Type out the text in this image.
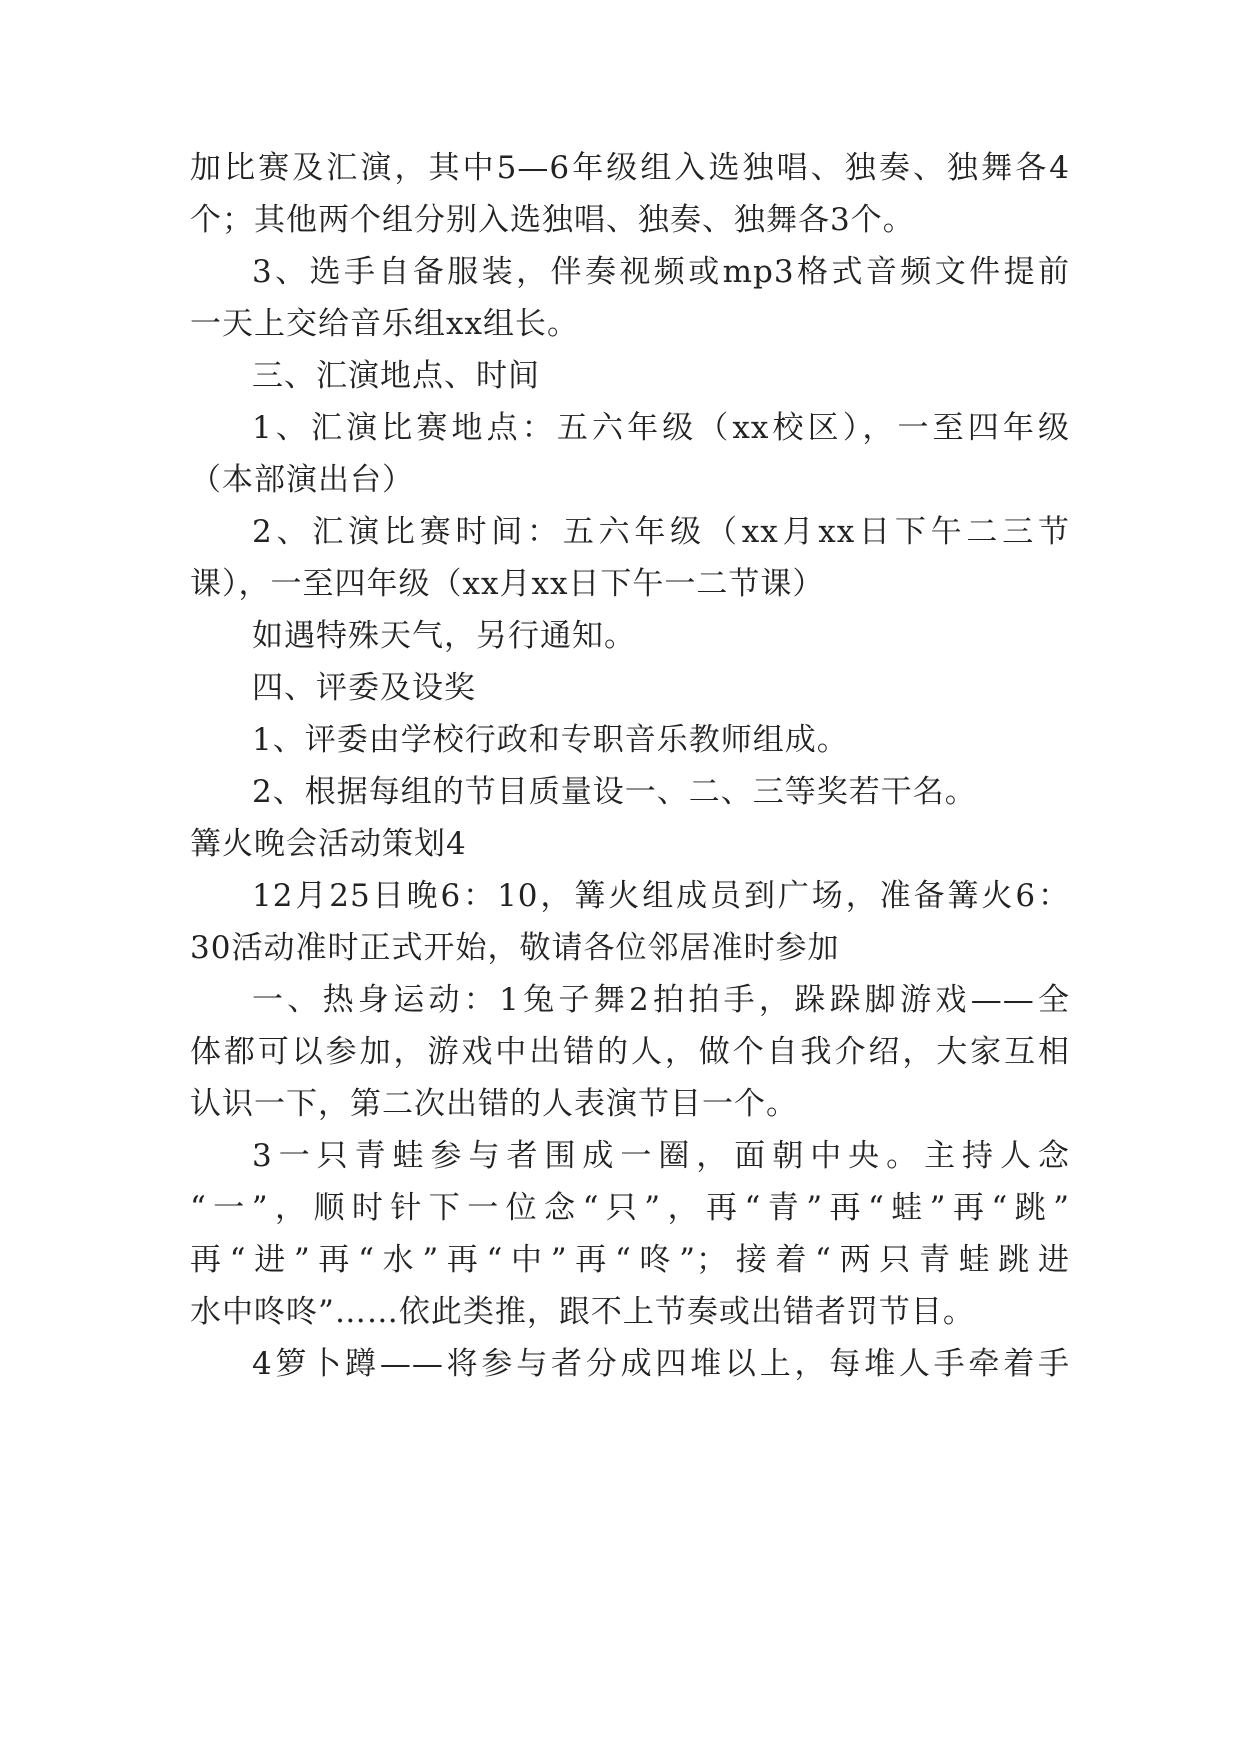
加比赛及汇演，其中5—6年级组入选独唱、独奏、独舞各4
个；其他两个组分别入选独唱、独奏、独舞各3个。
3、选手自备服装，伴奏视频或mp3格式音频文件提前
一天上交给音乐组xx组长。
三、汇演地点、时间
1、汇演比赛地点：五六年级（xx校区），一至四年级
（本部演出台）
2、汇演比赛时间：五六年级（xx月xx日下午二三节
课），一至四年级（xx月xx日下午一二节课）
如遇特殊天气，另行通知。
四、评委及设奖
1、评委由学校行政和专职音乐教师组成。
2、根据每组的节目质量设一、二、三等奖若干名。
篝火晚会活动策划4
12月25日晚6：10，篝火组成员到广场，准备篝火6：
30活动准时正式开始，敬请各位邻居准时参加
一、热身运动：1兔子舞2拍拍手，跺跺脚游戏——全
体都可以参加，游戏中出错的人，做个自我介绍，大家互相
认识一下，第二次出错的人表演节目一个。
3一只青蛙参与者围成一圈，面朝中央。主持人念
“一”，顺时针下一位念“只”，再“青”再“蛙”再“跳”
再“进”再“水”再“中”再“咚”；接着“两只青蛙跳进
水中咚咚”……依此类推，跟不上节奏或出错者罚节目。
4箩卜蹲——将参与者分成四堆以上，每堆人手牵着手
